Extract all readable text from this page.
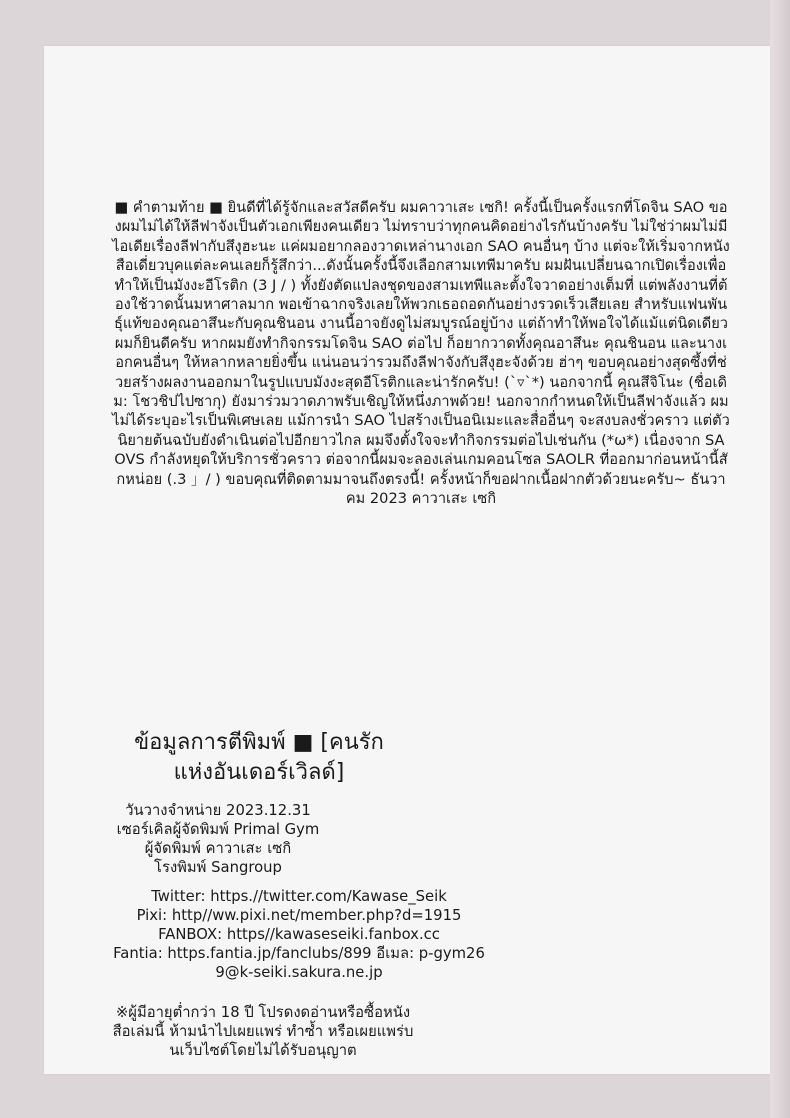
■ คำตามท้าย ■ ยินดีที่ได้รู้จักและสวัสดีครับ ผมคาวาเสะ เซกิ! ครั้งนี้เป็นครั้งแรกที่โดจิน SAO ของผมไม่ได้ให้ลีฟาจังเป็นตัวเอกเพียงคนเดียว ไม่ทราบว่าทุกคนคิดอย่างไรกันบ้างครับ ไม่ใช่ว่าผมไม่มีไอเดียเรื่องลีฟากับสึงุฮะนะ แค่ผมอยากลองวาดเหล่านางเอก SAO คนอื่นๆ บ้าง แต่จะให้เริ่มจากหนังสือเดี่ยวบุคแต่ละคนเลยก็รู้สึกว่า...ดังนั้นครั้งนี้จึงเลือกสามเทพีมาครับ ผมฝันเปลี่ยนฉากเปิดเรื่องเพื่อทำให้เป็นมังงะอีโรติก (3 J / ) ทั้งยังตัดแปลงชุดของสามเทพีและตั้งใจวาดอย่างเต็มที่ แต่พลังงานที่ต้องใช้วาดนั้นมหาศาลมาก พอเข้าฉากจริงเลยให้พวกเธอถอดกันอย่างรวดเร็วเสียเลย สำหรับแฟนพันธุ์แท้ของคุณอาสึนะกับคุณชินอน งานนี้อาจยังดูไม่สมบูรณ์อยู่บ้าง แต่ถ้าทำให้พอใจได้แม้แต่นิดเดียวผมก็ยินดีครับ หากผมยังทำกิจกรรมโดจิน SAO ต่อไป ก็อยากวาดทั้งคุณอาสึนะ คุณชินอน และนางเอกคนอื่นๆ ให้หลากหลายยิ่งขึ้น แน่นอนว่ารวมถึงลีฟาจังกับสึงุฮะจังด้วย ฮ่าๆ ขอบคุณอย่างสุดซึ้งที่ช่วยสร้างผลงานออกมาในรูปแบบมังงะสุดอีโรติกและน่ารักครับ! (`▿`*) นอกจากนี้ คุณสึจิโนะ (ชื่อเดิม: โชวชิปไปซากุ) ยังมาร่วมวาดภาพรับเชิญให้หนึ่งภาพด้วย! นอกจากกำหนดให้เป็นลีฟาจังแล้ว ผมไม่ได้ระบุอะไรเป็นพิเศษเลย แม้การนำ SAO ไปสร้างเป็นอนิเมะและสื่ออื่นๆ จะสงบลงชั่วคราว แต่ตัวนิยายต้นฉบับยังดำเนินต่อไปอีกยาวไกล ผมจึงตั้งใจจะทำกิจกรรมต่อไปเช่นกัน (*ω*) เนื่องจาก SAOVS กำลังหยุดให้บริการชั่วคราว ต่อจากนี้ผมจะลองเล่นเกมคอนโซล SAOLR ที่ออกมาก่อนหน้านี้สักหน่อย (.3 」/ ) ขอบคุณที่ติดตามมาจนถึงตรงนี้! ครั้งหน้าก็ขอฝากเนื้อฝากตัวด้วยนะครับ~ ธันวาคม 2023 คาวาเสะ เซกิ
ข้อมูลการตีพิมพ์ ■ [คนรัก
แห่งอันเดอร์เวิลด์]
วันวางจำหน่าย 2023.12.31
เซอร์เคิลผู้จัดพิมพ์ Primal Gym ผู้จัดพิมพ์ คาวาเสะ เซกิ
โรงพิมพ์ Sangroup
Twitter: https.//twitter.com/Kawase_Seik
Pixi: http//ww.pixi.net/member.php?d=1915
FANBOX: https//kawaseseiki.fanbox.cc
Fantia: https.fantia.jp/fanclubs/899 อีเมล: p-gym269@k-seiki.sakura.ne.jp
※ผู้มีอายุต่ำกว่า 18 ปี โปรดงดอ่านหรือซื้อหนังสือเล่มนี้ ห้ามนำไปเผยแพร่ ทำซ้ำ หรือเผยแพร่บนเว็บไซต์โดยไม่ได้รับอนุญาต
